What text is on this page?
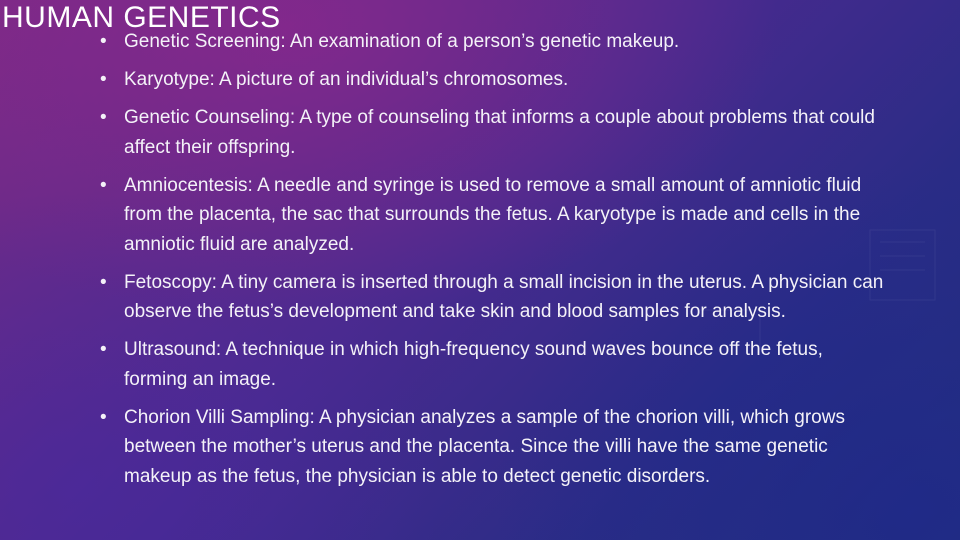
HUMAN GENETICS
• Genetic Screening: An examination of a person’s genetic makeup.
• Karyotype: A picture of an individual’s chromosomes.
• Genetic Counseling: A type of counseling that informs a couple about problems that could affect their offspring.
• Amniocentesis: A needle and syringe is used to remove a small amount of amniotic fluid from the placenta, the sac that surrounds the fetus. A karyotype is made and cells in the amniotic fluid are analyzed.
• Fetoscopy: A tiny camera is inserted through a small incision in the uterus. A physician can observe the fetus’s development and take skin and blood samples for analysis.
• Ultrasound: A technique in which high-frequency sound waves bounce off the fetus, forming an image.
• Chorion Villi Sampling: A physician analyzes a sample of the chorion villi, which grows between the mother’s uterus and the placenta. Since the villi have the same genetic makeup as the fetus, the physician is able to detect genetic disorders.
